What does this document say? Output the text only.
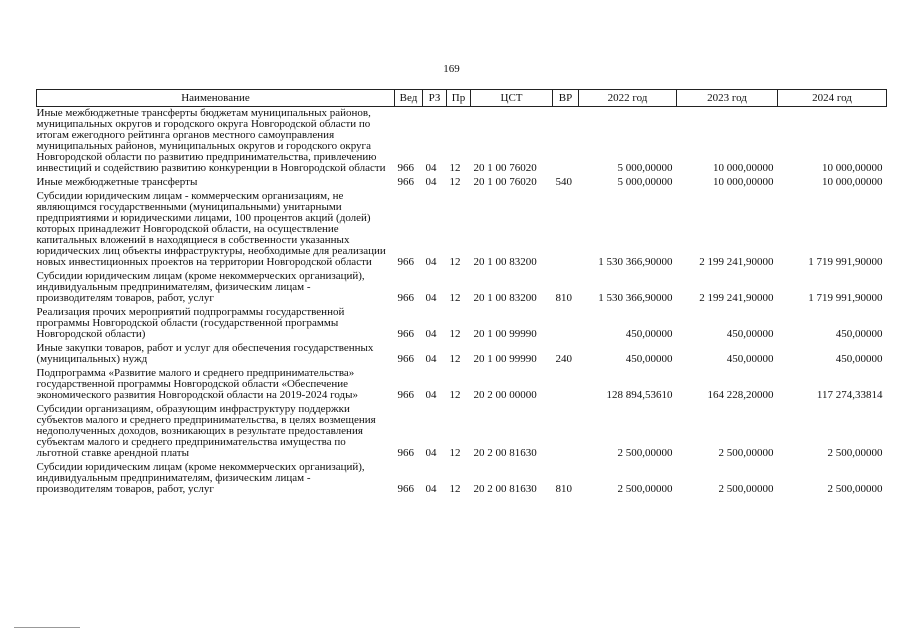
169
Наименование	Вед	РЗ	Пр	ЦСТ	ВР	2022 год	2023 год	2024 год
Иные межбюджетные трансферты бюджетам муниципальных районов, муниципальных округов и городского округа Новгородской области по итогам ежегодного рейтинга органов местного самоуправления муниципальных районов, муниципальных округов и городского округа Новгородской области по развитию предпринимательства, привлечению инвестиций и содействию развитию конкуренции в Новгородской области	966	04	12	20 1 00 76020		5 000,00000	10 000,00000	10 000,00000
Иные межбюджетные трансферты	966	04	12	20 1 00 76020	540	5 000,00000	10 000,00000	10 000,00000
Субсидии юридическим лицам - коммерческим организациям, не являющимся государственными (муниципальными) унитарными предприятиями и юридическими лицами, 100 процентов акций (долей) которых принадлежит Новгородской области, на осуществление капитальных вложений в находящиеся в собственности указанных юридических лиц объекты инфраструктуры, необходимые для реализации новых инвестиционных проектов на территории Новгородской области	966	04	12	20 1 00 83200		1 530 366,90000	2 199 241,90000	1 719 991,90000
Субсидии юридическим лицам (кроме некоммерческих организаций), индивидуальным предпринимателям, физическим лицам - производителям товаров, работ, услуг	966	04	12	20 1 00 83200	810	1 530 366,90000	2 199 241,90000	1 719 991,90000
Реализация прочих мероприятий подпрограммы государственной программы Новгородской области (государственной программы Новгородской области)	966	04	12	20 1 00 99990		450,00000	450,00000	450,00000
Иные закупки товаров, работ и услуг для обеспечения государственных (муниципальных) нужд	966	04	12	20 1 00 99990	240	450,00000	450,00000	450,00000
Подпрограмма «Развитие малого и среднего предпринимательства» государственной программы Новгородской области «Обеспечение экономического развития Новгородской области на 2019-2024 годы»	966	04	12	20 2 00 00000		128 894,53610	164 228,20000	117 274,33814
Субсидии организациям, образующим инфраструктуру поддержки субъектов малого и среднего предпринимательства, в целях возмещения недополученных доходов, возникающих в результате предоставления субъектам малого и среднего предпринимательства имущества по льготной ставке арендной платы	966	04	12	20 2 00 81630		2 500,00000	2 500,00000	2 500,00000
Субсидии юридическим лицам (кроме некоммерческих организаций), индивидуальным предпринимателям, физическим лицам - производителям товаров, работ, услуг	966	04	12	20 2 00 81630	810	2 500,00000	2 500,00000	2 500,00000
